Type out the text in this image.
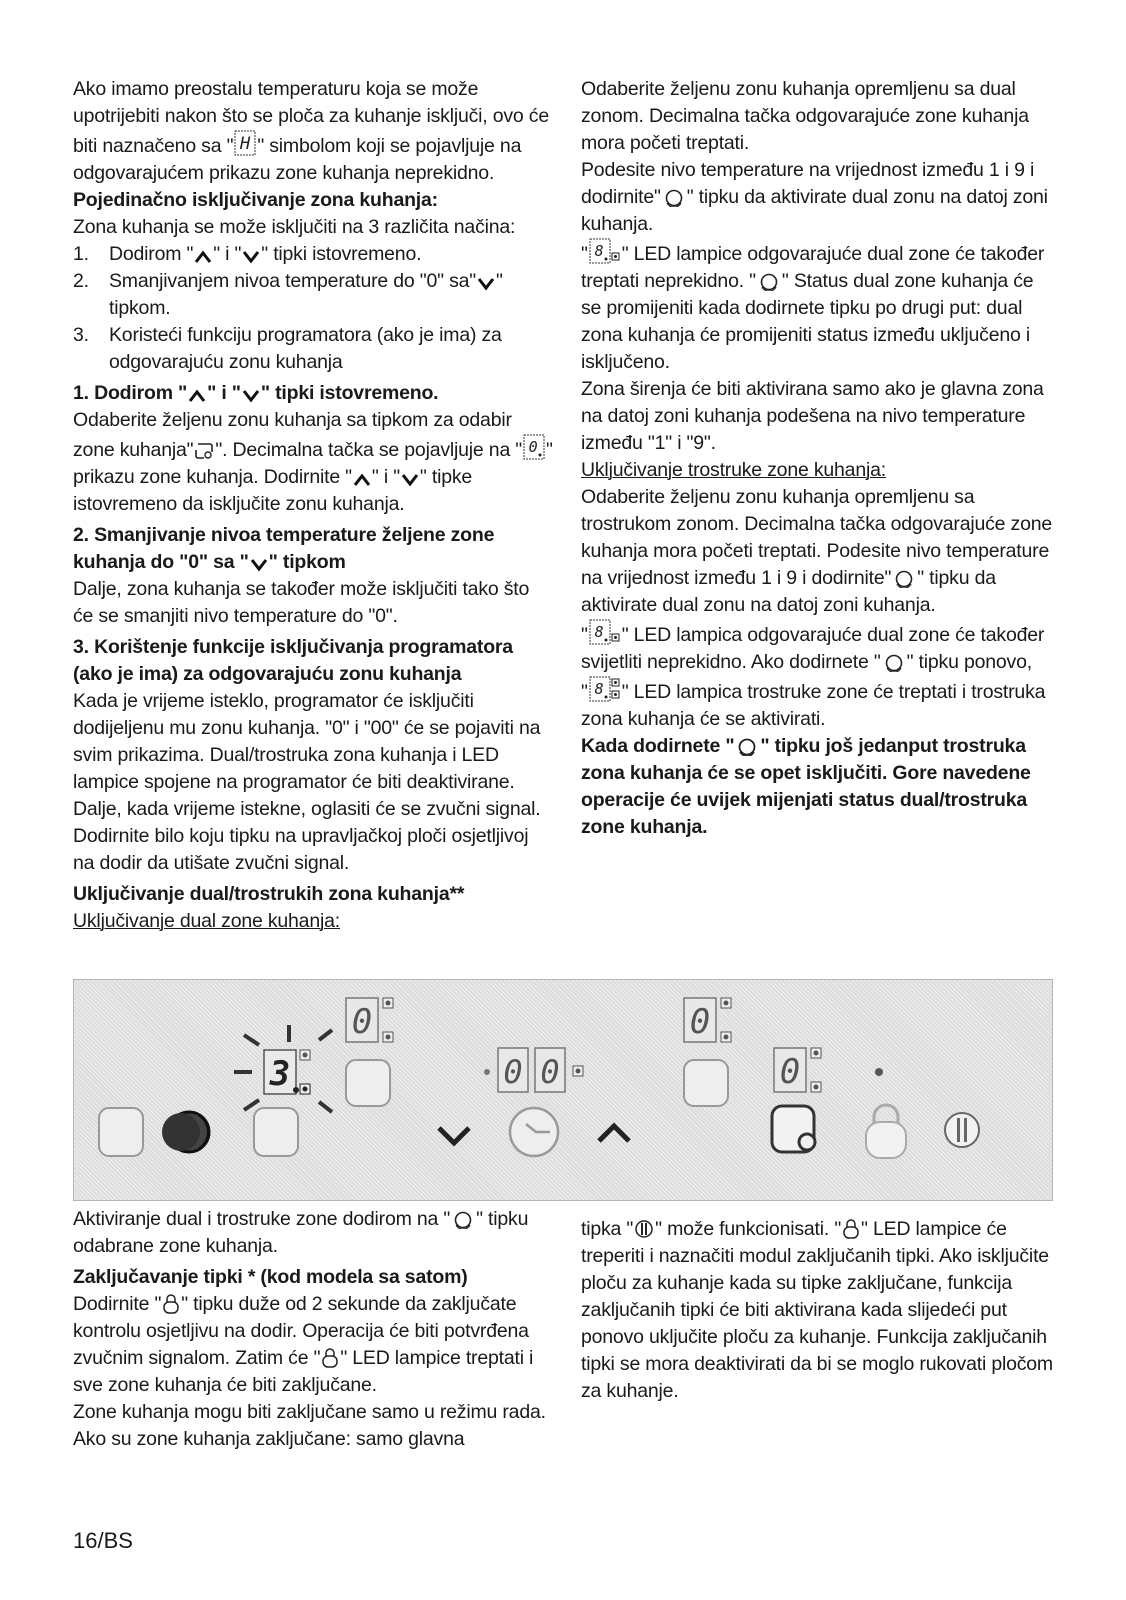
Ako imamo preostalu temperaturu koja se može upotrijebiti nakon što se ploča za kuhanje isključi, ovo će biti naznačeno sa " H " simbolom koji se pojavljuje na odgovarajućem prikazu zone kuhanja neprekidno.

Pojedinačno isključivanje zona kuhanja:

Zona kuhanja se može isključiti na 3 različita načina:

1. Dodirom " " i " " tipki istovremeno.
2. Smanjivanjem nivoa temperature do "0" sa" " tipkom.
3. Koristeći funkciju programatora (ako je ima) za odgovarajuću zonu kuhanja

1. Dodirom " " i " " tipki istovremeno.

Odaberite željenu zonu kuhanja sa tipkom za odabir zone kuhanja" ". Decimalna tačka se pojavljuje na " 0 " prikazu zone kuhanja. Dodirnite " " i " " tipke istovremeno da isključite zonu kuhanja.

2. Smanjivanje nivoa temperature željene zone kuhanja do "0" sa " " tipkom

Dalje, zona kuhanja se također može isključiti tako što će se smanjiti nivo temperature do "0".

3. Korištenje funkcije isključivanja programatora (ako je ima) za odgovarajuću zonu kuhanja

Kada je vrijeme isteklo, programator će isključiti dodijeljenu mu zonu kuhanja. "0" i "00" će se pojaviti na svim prikazima. Dual/trostruka zona kuhanja i LED lampice spojene na programator će biti deaktivirane. Dalje, kada vrijeme istekne, oglasiti će se zvučni signal. Dodirnite bilo koju tipku na upravljačkoj ploči osjetljivoj na dodir da utišate zvučni signal.

Uključivanje dual/trostrukih zona kuhanja**

Uključivanje dual zone kuhanja:

Odaberite željenu zonu kuhanja opremljenu sa dual zonom. Decimalna tačka odgovarajuće zone kuhanja mora početi treptati.

Podesite nivo temperature na vrijednost između 1 i 9 i dodirnite" " tipku da aktivirate dual zonu na datoj zoni kuhanja.

" 8 " LED lampice odgovarajuće dual zone će također treptati neprekidno. " " Status dual zone kuhanja će se promijeniti kada dodirnete tipku po drugi put: dual zona kuhanja će promijeniti status između uključeno i isključeno.

Zona širenja će biti aktivirana samo ako je glavna zona na datoj zoni kuhanja podešena na nivo temperature između "1" i "9".

Uključivanje trostruke zone kuhanja:

Odaberite željenu zonu kuhanja opremljenu sa trostrukom zonom. Decimalna tačka odgovarajuće zone kuhanja mora početi treptati. Podesite nivo temperature na vrijednost između 1 i 9 i dodirnite" " tipku da aktivirate dual zonu na datoj zoni kuhanja.

" 8 " LED lampica odgovarajuće dual zone će također svijetliti neprekidno. Ako dodirnete " " tipku ponovo,

" 8 " LED lampica trostruke zone će treptati i trostruka zona kuhanja će se aktivirati.

Kada dodirnete " " tipku još jedanput trostruka zona kuhanja će se opet isključiti. Gore navedene operacije će uvijek mijenjati status dual/trostruka zone kuhanja.

0
3	0 0
0
0

Aktiviranje dual i trostruke zone dodirom na " " tipku odabrane zone kuhanja.

Zaključavanje tipki * (kod modela sa satom)

Dodirnite " " tipku duže od 2 sekunde da zaključate kontrolu osjetljivu na dodir. Operacija će biti potvrđena zvučnim signalom. Zatim će " " LED lampice treptati i sve zone kuhanja će biti zaključane.

Zone kuhanja mogu biti zaključane samo u režimu rada. Ako su zone kuhanja zaključane: samo glavna

tipka " " može funkcionisati. " " LED lampice će treperiti i naznačiti modul zaključanih tipki. Ako isključite ploču za kuhanje kada su tipke zaključane, funkcija zaključanih tipki će biti aktivirana kada slijedeći put ponovo uključite ploču za kuhanje. Funkcija zaključanih tipki se mora deaktivirati da bi se moglo rukovati pločom za kuhanje.

16/BS
